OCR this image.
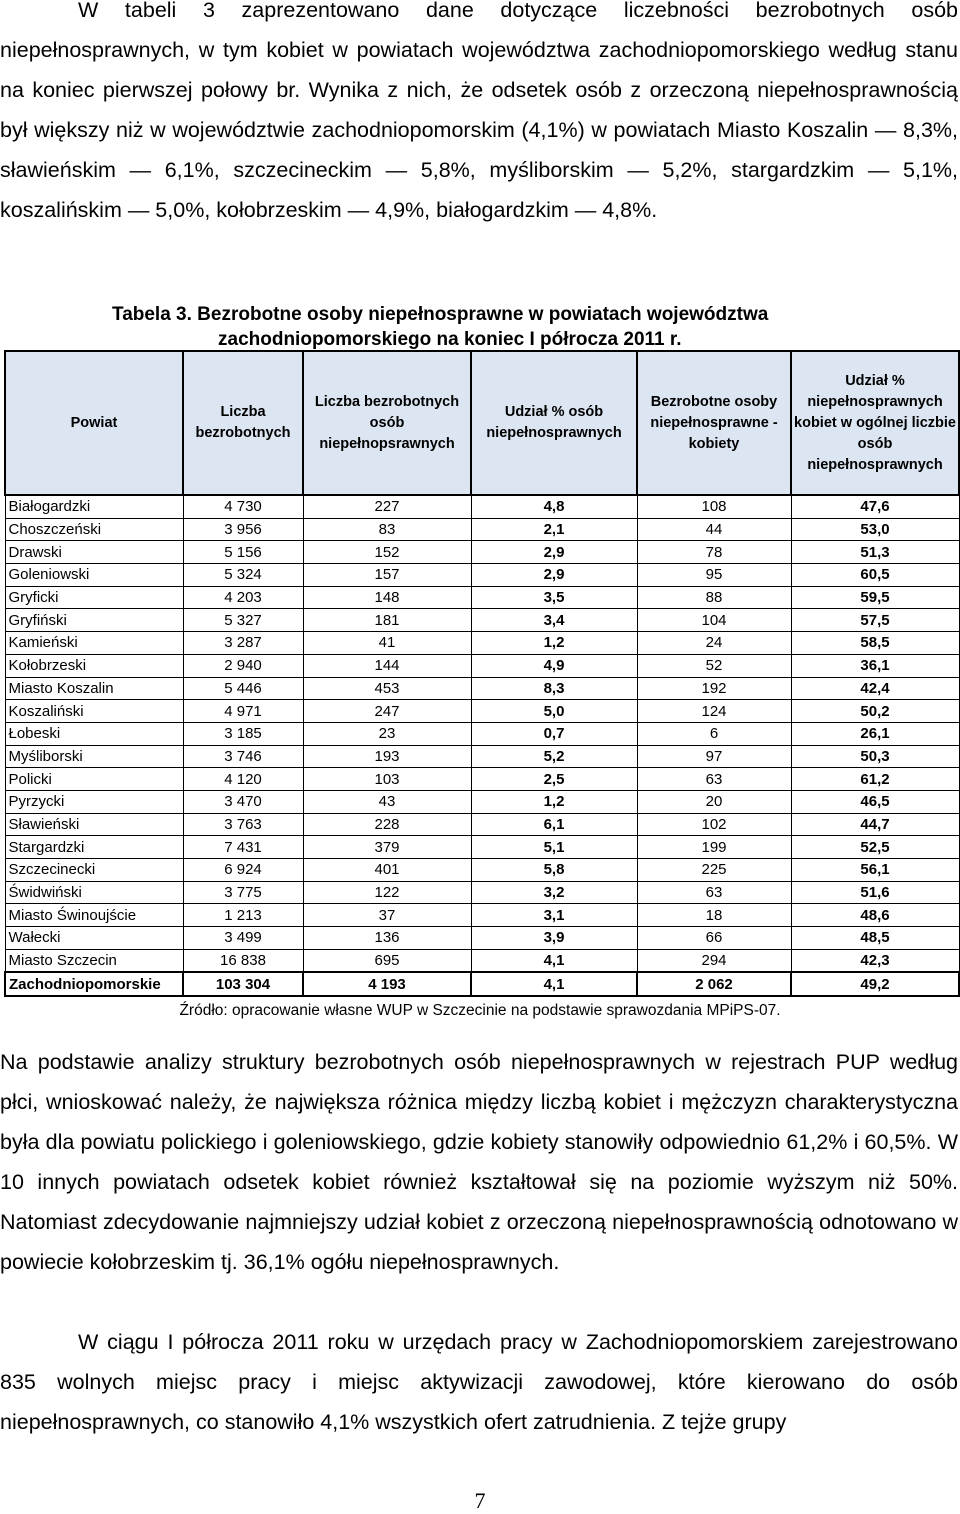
W tabeli 3 zaprezentowano dane dotyczące liczebności bezrobotnych osób niepełnosprawnych, w tym kobiet w powiatach województwa zachodniopomorskiego według stanu na koniec pierwszej połowy br. Wynika z nich, że odsetek osób z orzeczoną niepełnosprawnością był większy niż w województwie zachodniopomorskim (4,1%) w powiatach Miasto Koszalin — 8,3%, sławieńskim — 6,1%, szczecineckim — 5,8%, myśliborskim — 5,2%, stargardzkim — 5,1%, koszalińskim — 5,0%, kołobrzeskim — 4,9%, białogardzkim — 4,8%.

Tabela 3. Bezrobotne osoby niepełnosprawne w powiatach województwa
zachodniopomorskiego na koniec I półrocza 2011 r.

Powiat	Liczba bezrobotnych	Liczba bezrobotnych osób niepełnopsrawnych	Udział % osób niepełnosprawnych	Bezrobotne osoby niepełnosprawne - kobiety	Udział % niepełnosprawnych kobiet w ogólnej liczbie osób niepełnosprawnych
Białogardzki	4 730	227	4,8	108	47,6
Choszczeński	3 956	83	2,1	44	53,0
Drawski	5 156	152	2,9	78	51,3
Goleniowski	5 324	157	2,9	95	60,5
Gryficki	4 203	148	3,5	88	59,5
Gryfiński	5 327	181	3,4	104	57,5
Kamieński	3 287	41	1,2	24	58,5
Kołobrzeski	2 940	144	4,9	52	36,1
Miasto Koszalin	5 446	453	8,3	192	42,4
Koszaliński	4 971	247	5,0	124	50,2
Łobeski	3 185	23	0,7	6	26,1
Myśliborski	3 746	193	5,2	97	50,3
Policki	4 120	103	2,5	63	61,2
Pyrzycki	3 470	43	1,2	20	46,5
Sławieński	3 763	228	6,1	102	44,7
Stargardzki	7 431	379	5,1	199	52,5
Szczecinecki	6 924	401	5,8	225	56,1
Świdwiński	3 775	122	3,2	63	51,6
Miasto Świnoujście	1 213	37	3,1	18	48,6
Wałecki	3 499	136	3,9	66	48,5
Miasto Szczecin	16 838	695	4,1	294	42,3
Zachodniopomorskie	103 304	4 193	4,1	2 062	49,2

Źródło: opracowanie własne WUP w Szczecinie na podstawie sprawozdania MPiPS-07.

Na podstawie analizy struktury bezrobotnych osób niepełnosprawnych w rejestrach PUP według płci, wnioskować należy, że największa różnica między liczbą kobiet i mężczyzn charakterystyczna była dla powiatu polickiego i goleniowskiego, gdzie kobiety stanowiły odpowiednio 61,2% i 60,5%. W 10 innych powiatach odsetek kobiet również kształtował się na poziomie wyższym niż 50%. Natomiast zdecydowanie najmniejszy udział kobiet z orzeczoną niepełnosprawnością odnotowano w powiecie kołobrzeskim tj. 36,1% ogółu niepełnosprawnych.

W ciągu I półrocza 2011 roku w urzędach pracy w Zachodniopomorskiem zarejestrowano 835 wolnych miejsc pracy i miejsc aktywizacji zawodowej, które kierowano do osób niepełnosprawnych, co stanowiło 4,1% wszystkich ofert zatrudnienia. Z tejże grupy

7
